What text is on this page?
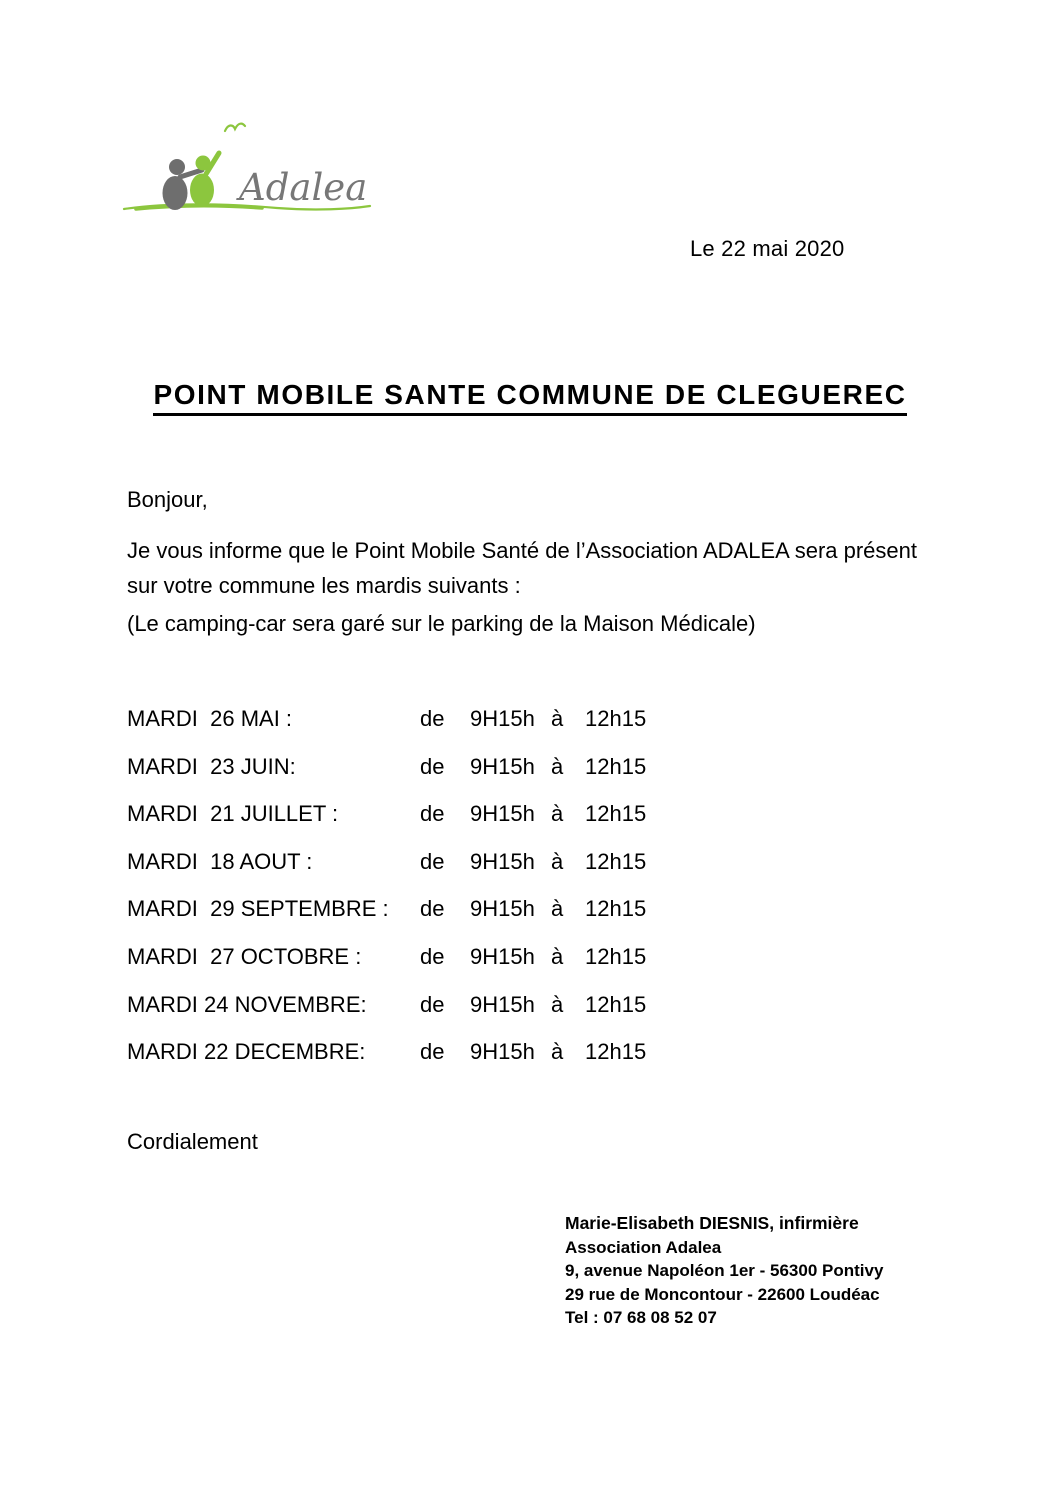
Adalea
Le 22 mai 2020
POINT MOBILE SANTE COMMUNE DE CLEGUEREC
Bonjour,
Je vous informe que le Point Mobile Santé de l’Association ADALEA sera présent
sur votre commune les mardis suivants :
(Le camping-car sera garé sur le parking de la Maison Médicale)
MARDI  26 MAI :	de	9H15h à 12h15
MARDI  23 JUIN:	de	9H15h à 12h15
MARDI  21 JUILLET :	de	9H15h à 12h15
MARDI  18 AOUT :	de	9H15h à 12h15
MARDI  29 SEPTEMBRE :	de	9H15h à 12h15
MARDI  27 OCTOBRE :	de	9H15h à 12h15
MARDI 24 NOVEMBRE:	de	9H15h à 12h15
MARDI 22 DECEMBRE:	de	9H15h à 12h15
Cordialement

Marie-Elisabeth DIESNIS, infirmière

Association Adalea

9, avenue Napoléon 1er - 56300 Pontivy

29 rue de Moncontour - 22600 Loudéac

Tel : 07 68 08 52 07
